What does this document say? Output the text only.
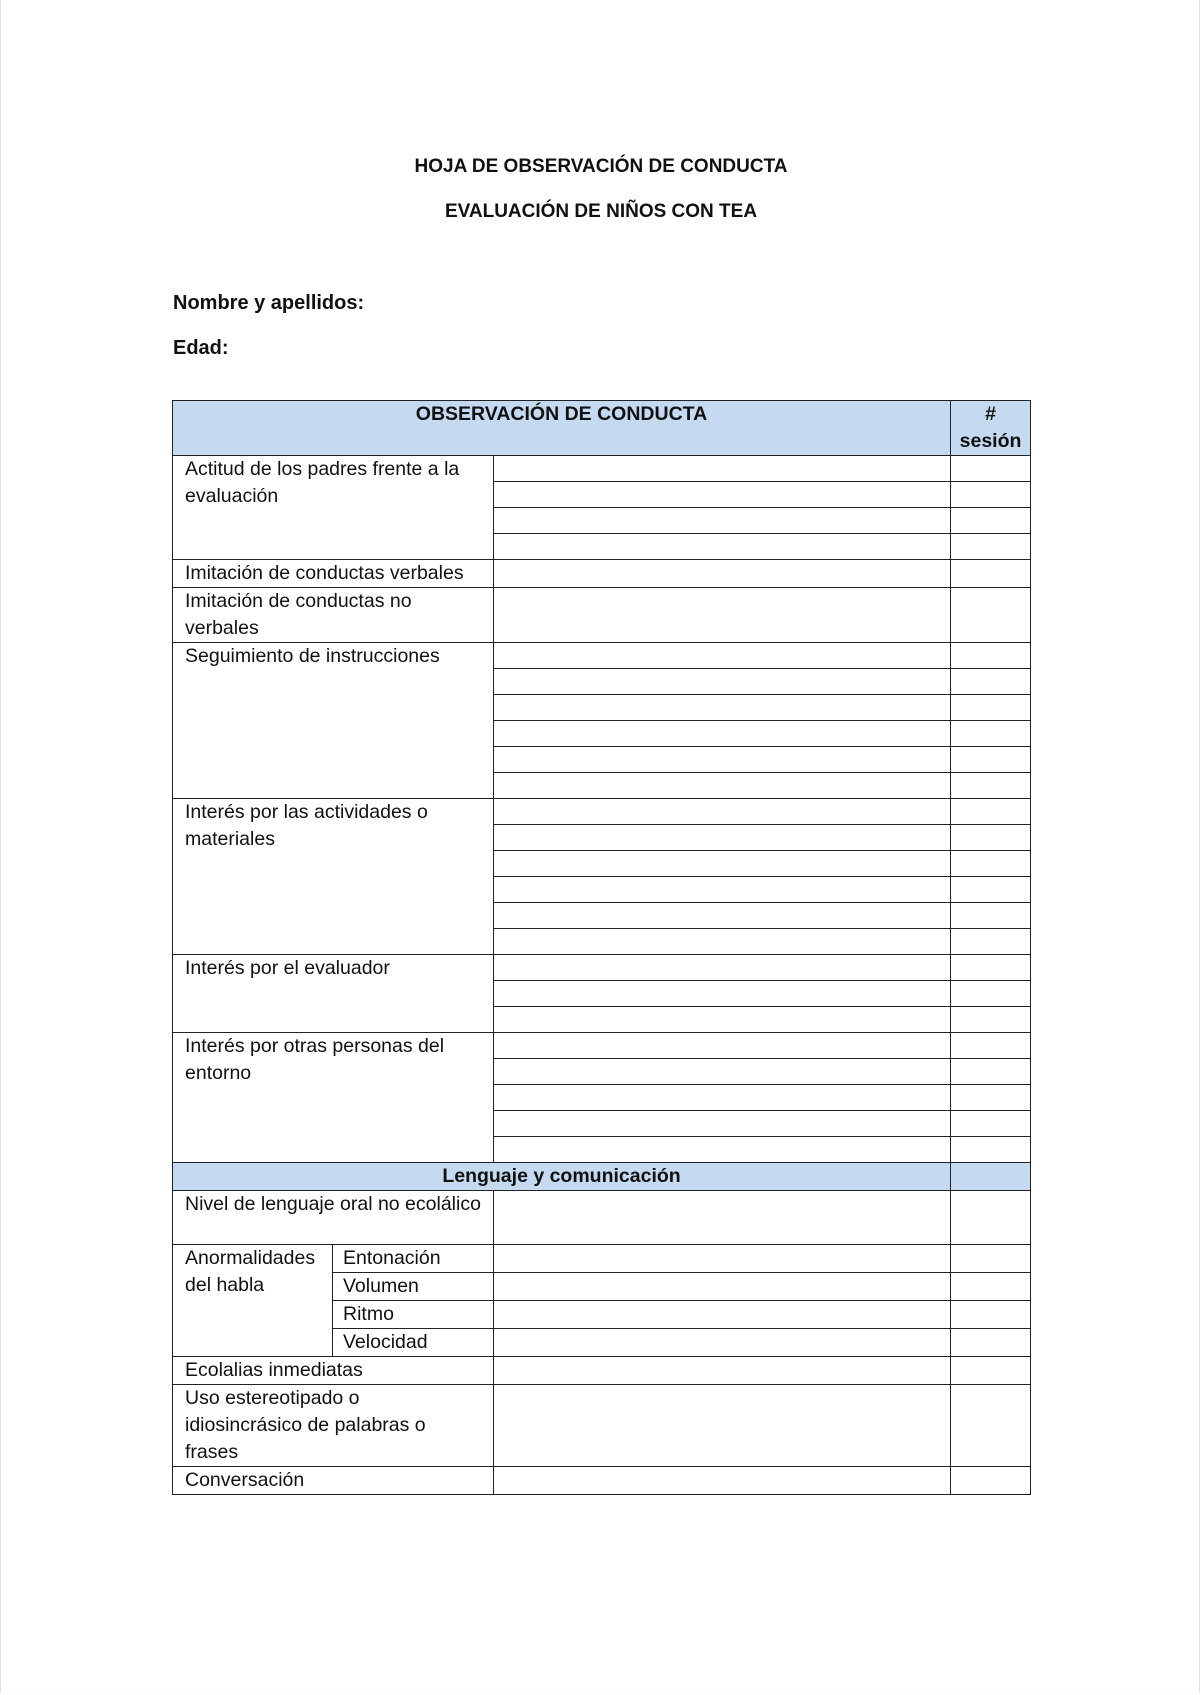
HOJA DE OBSERVACIÓN DE CONDUCTA
EVALUACIÓN DE NIÑOS CON TEA
Nombre y apellidos:
Edad:
OBSERVACIÓN DE CONDUCTA			# sesión
Actitud de los padres frente a la evaluación			

Imitación de conductas verbales			
Imitación de conductas no verbales			
Seguimiento de instrucciones			

Interés por las actividades o materiales			

Interés por el evaluador			

Interés por otras personas del entorno			

Lenguaje y comunicación			
Nivel de lenguaje oral no ecolálico			
Anormalidades del habla	Entonación		
	Volumen		
	Ritmo		
	Velocidad		
Ecolalias inmediatas			
Uso estereotipado o idiosincrásico de palabras o frases			
Conversación			
